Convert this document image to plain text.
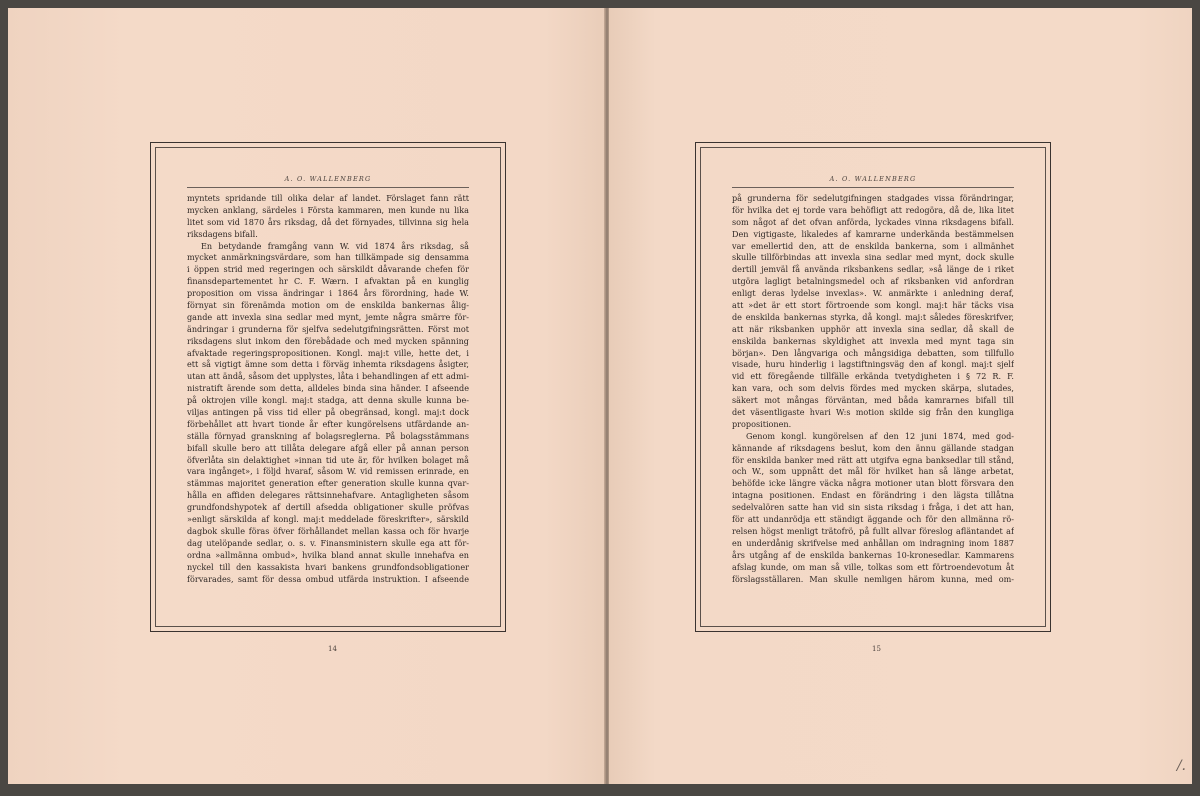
A. O. WALLENBERG
myntets spridande till olika delar af landet. Förslaget fann rätt
mycken anklang, särdeles i Första kammaren, men kunde nu lika
litet som vid 1870 års riksdag, då det förnyades, tillvinna sig hela
riksdagens bifall.
En betydande framgång vann W. vid 1874 års riksdag, så
mycket anmärkningsvärdare, som han tillkämpade sig densamma
i öppen strid med regeringen och särskildt dåvarande chefen för
finansdepartementet hr C. F. Wærn. I afvaktan på en kunglig
proposition om vissa ändringar i 1864 års förordning, hade W.
förnyat sin förenämda motion om de enskilda bankernas ålig-
gande att invexla sina sedlar med mynt, jemte några smärre för-
ändringar i grunderna för sjelfva sedelutgifningsrätten. Först mot
riksdagens slut inkom den förebådade och med mycken spänning
afvaktade regeringspropositionen. Kongl. maj:t ville, hette det, i
ett så vigtigt ämne som detta i förväg inhemta riksdagens åsigter,
utan att ändå, såsom det upplystes, låta i behandlingen af ett admi-
nistratift ärende som detta, alldeles binda sina händer. I afseende
på oktrojen ville kongl. maj:t stadga, att denna skulle kunna be-
viljas antingen på viss tid eller på obegränsad, kongl. maj:t dock
förbehållet att hvart tionde år efter kungörelsens utfärdande an-
ställa förnyad granskning af bolagsreglerna. På bolagsstämmans
bifall skulle bero att tillåta delegare afgå eller på annan person
öfverlåta sin delaktighet »innan tid ute är, för hvilken bolaget må
vara ingånget», i följd hvaraf, såsom W. vid remissen erinrade, en
stämmas majoritet generation efter generation skulle kunna qvar-
hålla en affiden delegares rättsinnehafvare. Antagligheten såsom
grundfondshypotek af dertill afsedda obligationer skulle pröfvas
»enligt särskilda af kongl. maj:t meddelade föreskrifter», särskild
dagbok skulle föras öfver förhållandet mellan kassa och för hvarje
dag utelöpande sedlar, o. s. v. Finansministern skulle ega att för-
ordna »allmänna ombud», hvilka bland annat skulle innehafva en
nyckel till den kassakista hvari bankens grundfondsobligationer
förvarades, samt för dessa ombud utfärda instruktion. I afseende
14
A. O. WALLENBERG
på grunderna för sedelutgifningen stadgades vissa förändringar,
för hvilka det ej torde vara behöfligt att redogöra, då de, lika litet
som något af det ofvan anförda, lyckades vinna riksdagens bifall.
Den vigtigaste, likaledes af kamrarne underkända bestämmelsen
var emellertid den, att de enskilda bankerna, som i allmänhet
skulle tillförbindas att invexla sina sedlar med mynt, dock skulle
dertill jemväl få använda riksbankens sedlar, »så länge de i riket
utgöra lagligt betalningsmedel och af riksbanken vid anfordran
enligt deras lydelse invexlas». W. anmärkte i anledning deraf,
att »det är ett stort förtroende som kongl. maj:t här täcks visa
de enskilda bankernas styrka, då kongl. maj:t således föreskrifver,
att när riksbanken upphör att invexla sina sedlar, då skall de
enskilda bankernas skyldighet att invexla med mynt taga sin
början». Den långvariga och mångsidiga debatten, som tillfullo
visade, huru hinderlig i lagstiftningsväg den af kongl. maj:t sjelf
vid ett föregående tillfälle erkända tvetydigheten i § 72 R. F.
kan vara, och som delvis fördes med mycken skärpa, slutades,
säkert mot mångas förväntan, med båda kamrarnes bifall till
det väsentligaste hvari W:s motion skilde sig från den kungliga
propositionen.
Genom kongl. kungörelsen af den 12 juni 1874, med god-
kännande af riksdagens beslut, kom den ännu gällande stadgan
för enskilda banker med rätt att utgifva egna banksedlar till stånd,
och W., som uppnått det mål för hvilket han så länge arbetat,
behöfde icke längre väcka några motioner utan blott försvara den
intagna positionen. Endast en förändring i den lägsta tillåtna
sedelvalören satte han vid sin sista riksdag i fråga, i det att han,
för att undanrödja ett ständigt äggande och för den allmänna rö-
relsen högst menligt trätofrö, på fullt allvar föreslog afläntandet af
en underdånig skrifvelse med anhållan om indragning inom 1887
års utgång af de enskilda bankernas 10-kronesedlar. Kammarens
afslag kunde, om man så ville, tolkas som ett förtroendevotum åt
förslagsställaren. Man skulle nemligen härom kunna, med om-
15
/.
